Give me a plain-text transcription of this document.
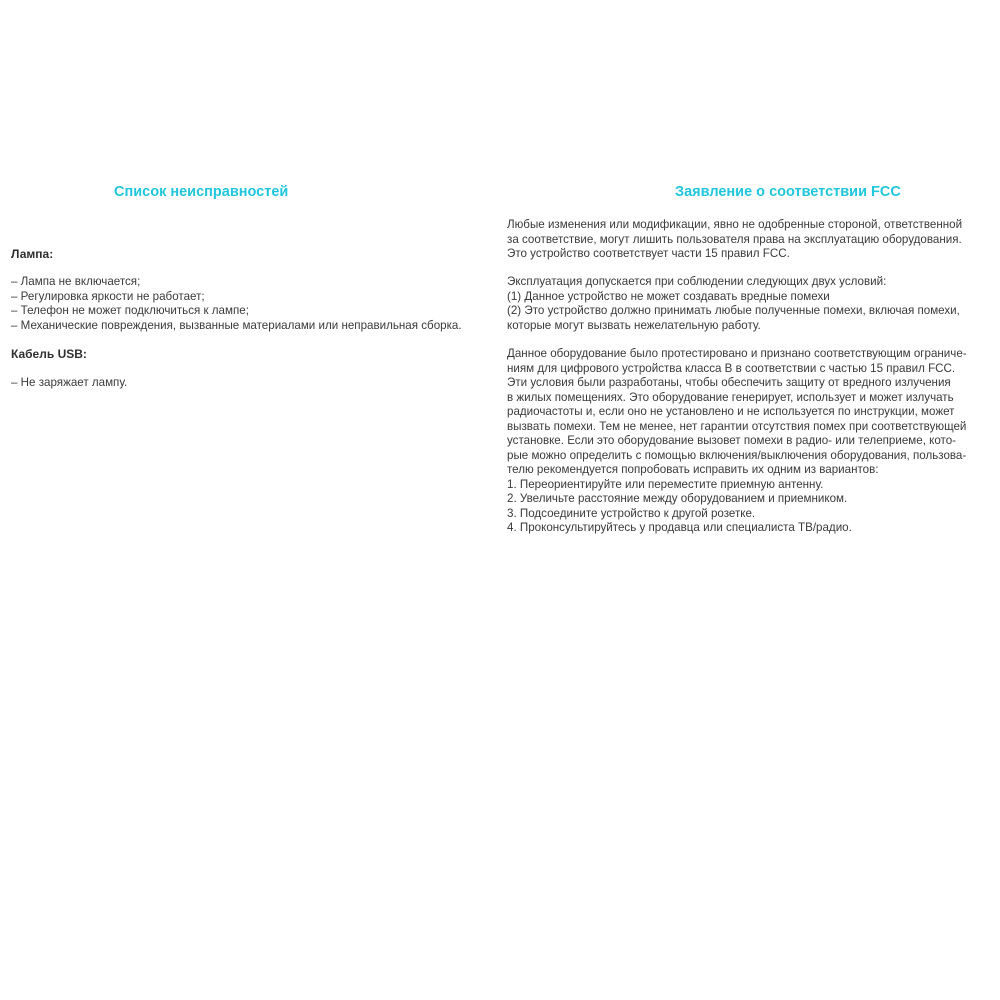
Список неисправностей

Лампа:

– Лампа не включается;
– Регулировка яркости не работает;
– Телефон не может подключиться к лампе;
– Механические повреждения, вызванные материалами или неправильная сборка.

Кабель USB:

– Не заряжает лампу.
Заявление о соответствии FCC
Любые изменения или модификации, явно не одобренные стороной, ответственной
за соответствие, могут лишить пользователя права на эксплуатацию оборудования.
Это устройство соответствует части 15 правил FCC.
Эксплуатация допускается при соблюдении следующих двух условий:
(1) Данное устройство не может создавать вредные помехи
(2) Это устройство должно принимать любые полученные помехи, включая помехи,
которые могут вызвать нежелательную работу.
Данное оборудование было протестировано и признано соответствующим ограниче-
ниям для цифрового устройства класса B в соответствии с частью 15 правил FCC.
Эти условия были разработаны, чтобы обеспечить защиту от вредного излучения
в жилых помещениях. Это оборудование генерирует, использует и может излучать
радиочастоты и, если оно не установлено и не используется по инструкции, может
вызвать помехи. Тем не менее, нет гарантии отсутствия помех при соответствующей
установке. Если это оборудование вызовет помехи в радио- или телеприеме, кото-
рые можно определить с помощью включения/выключения оборудования, пользова-
телю рекомендуется попробовать исправить их одним из вариантов:
1. Переориентируйте или переместите приемную антенну.
2. Увеличьте расстояние между оборудованием и приемником.
3. Подсоедините устройство к другой розетке.
4. Проконсультируйтесь у продавца или специалиста ТВ/радио.
